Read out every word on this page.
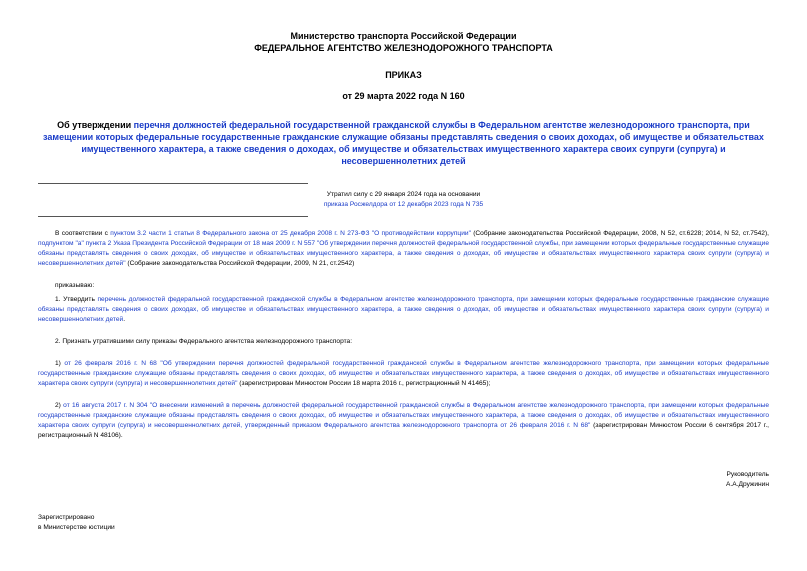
Министерство транспорта Российской Федерации
ФЕДЕРАЛЬНОЕ АГЕНТСТВО ЖЕЛЕЗНОДОРОЖНОГО ТРАНСПОРТА
ПРИКАЗ
от 29 марта 2022 года N 160
Об утверждении перечня должностей федеральной государственной гражданской службы в Федеральном агентстве железнодорожного транспорта, при замещении которых федеральные государственные гражданские служащие обязаны представлять сведения о своих доходах, об имуществе и обязательствах имущественного характера, а также сведения о доходах, об имуществе и обязательствах имущественного характера своих супруги (супруга) и несовершеннолетних детей
Утратил силу с 29 января 2024 года на основании
приказа Росжелдора от 12 декабря 2023 года N 735

В соответствии с пунктом 3.2 части 1 статьи 8 Федерального закона от 25 декабря 2008 г. N 273-ФЗ "О противодействии коррупции" (Собрание законодательства Российской Федерации, 2008, N 52, ст.6228; 2014, N 52, ст.7542), подпунктом "а" пункта 2 Указа Президента Российской Федерации от 18 мая 2009 г. N 557 "Об утверждении перечня должностей федеральной государственной службы, при замещении которых федеральные государственные служащие обязаны представлять сведения о своих доходах, об имуществе и обязательствах имущественного характера, а также сведения о доходах, об имуществе и обязательствах имущественного характера своих супруги (супруга) и несовершеннолетних детей" (Собрание законодательства Российской Федерации, 2009, N 21, ст.2542)

приказываю:

1. Утвердить перечень должностей федеральной государственной гражданской службы в Федеральном агентстве железнодорожного транспорта, при замещении которых федеральные государственные гражданские служащие обязаны представлять сведения о своих доходах, об имуществе и обязательствах имущественного характера, а также сведения о доходах, об имуществе и обязательствах имущественного характера своих супруги (супруга) и несовершеннолетних детей.

2. Признать утратившими силу приказы Федерального агентства железнодорожного транспорта:

1) от 26 февраля 2016 г. N 68 "Об утверждении перечня должностей федеральной государственной гражданской службы в Федеральном агентстве железнодорожного транспорта, при замещении которых федеральные государственные гражданские служащие обязаны представлять сведения о своих доходах, об имуществе и обязательствах имущественного характера, а также сведения о доходах, об имуществе и обязательствах имущественного характера своих супруги (супруга) и несовершеннолетних детей" (зарегистрирован Минюстом России 18 марта 2016 г., регистрационный N 41465);

2) от 16 августа 2017 г. N 304 "О внесении изменений в перечень должностей федеральной государственной гражданской службы в Федеральном агентстве железнодорожного транспорта, при замещении которых федеральные государственные гражданские служащие обязаны представлять сведения о своих доходах, об имуществе и обязательствах имущественного характера, а также сведения о доходах, об имуществе и обязательствах имущественного характера своих супруги (супруга) и несовершеннолетних детей, утвержденный приказом Федерального агентства железнодорожного транспорта от 26 февраля 2016 г. N 68" (зарегистрирован Минюстом России 6 сентября 2017 г., регистрационный N 48106).

Руководитель
А.А.Дружинин
Зарегистрировано
в Министерстве юстиции
